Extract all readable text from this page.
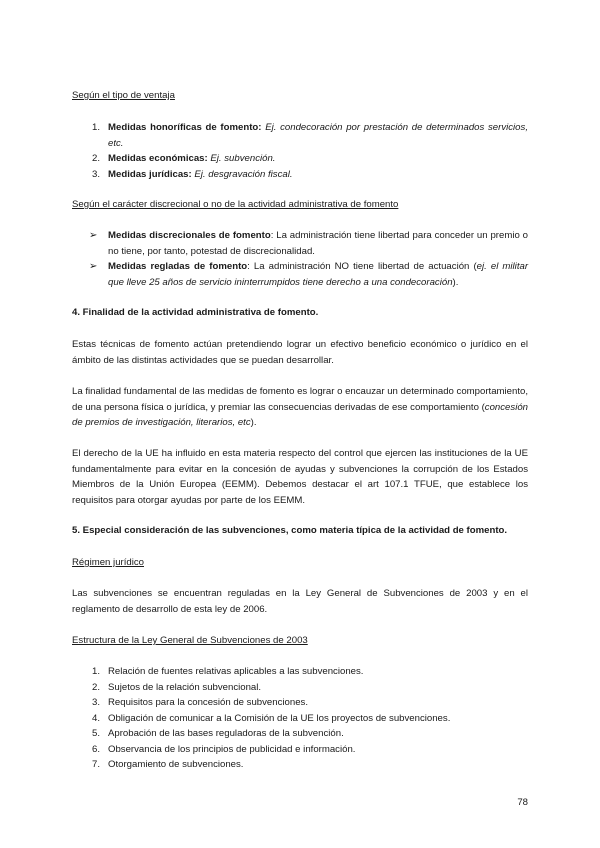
Según el tipo de ventaja
1. Medidas honoríficas de fomento: Ej. condecoración por prestación de determinados servicios, etc.
2. Medidas económicas: Ej. subvención.
3. Medidas jurídicas: Ej. desgravación fiscal.
Según el carácter discrecional o no de la actividad administrativa de fomento
➢ Medidas discrecionales de fomento: La administración tiene libertad para conceder un premio o no tiene, por tanto, potestad de discrecionalidad.
➢ Medidas regladas de fomento: La administración NO tiene libertad de actuación (ej. el militar que lleve 25 años de servicio ininterrumpidos tiene derecho a una condecoración).
4. Finalidad de la actividad administrativa de fomento.
Estas técnicas de fomento actúan pretendiendo lograr un efectivo beneficio económico o jurídico en el ámbito de las distintas actividades que se puedan desarrollar.
La finalidad fundamental de las medidas de fomento es lograr o encauzar un determinado comportamiento, de una persona física o jurídica, y premiar las consecuencias derivadas de ese comportamiento (concesión de premios de investigación, literarios, etc).
El derecho de la UE ha influido en esta materia respecto del control que ejercen las instituciones de la UE fundamentalmente para evitar en la concesión de ayudas y subvenciones la corrupción de los Estados Miembros de la Unión Europea (EEMM). Debemos destacar el art 107.1 TFUE, que establece los requisitos para otorgar ayudas por parte de los EEMM.
5. Especial consideración de las subvenciones, como materia típica de la actividad de fomento.
Régimen jurídico
Las subvenciones se encuentran reguladas en la Ley General de Subvenciones de 2003 y en el reglamento de desarrollo de esta ley de 2006.
Estructura de la Ley General de Subvenciones de 2003
1. Relación de fuentes relativas aplicables a las subvenciones.
2. Sujetos de la relación subvencional.
3. Requisitos para la concesión de subvenciones.
4. Obligación de comunicar a la Comisión de la UE los proyectos de subvenciones.
5. Aprobación de las bases reguladoras de la subvención.
6. Observancia de los principios de publicidad e información.
7. Otorgamiento de subvenciones.
78
